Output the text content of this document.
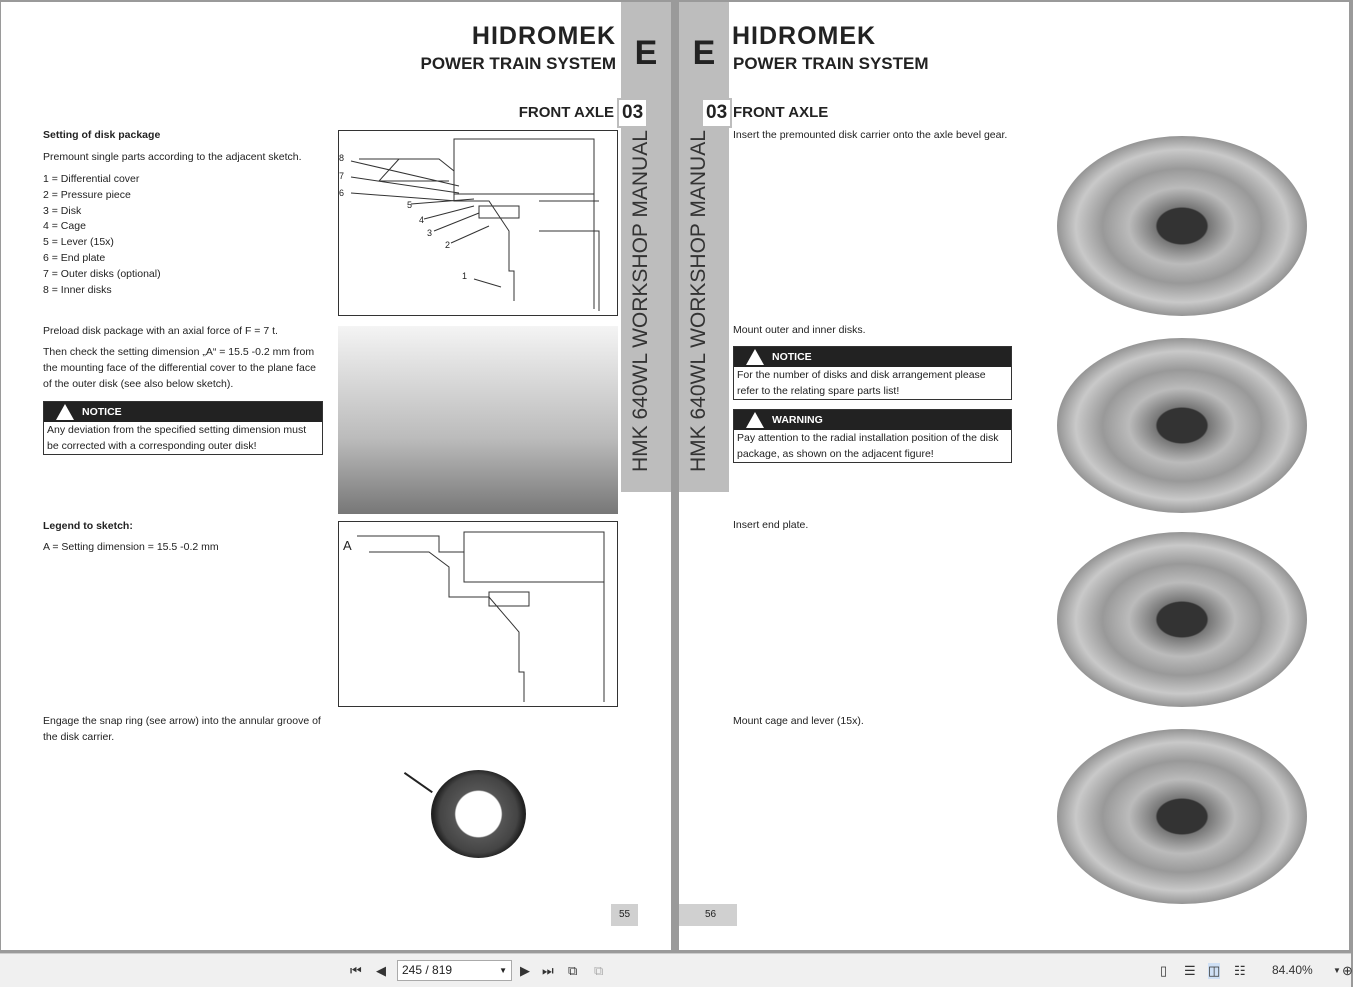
HIDROMEK
POWER TRAIN SYSTEM
FRONT AXLE
E
HMK 640WL WORKSHOP MANUAL
03
Setting of disk package
Premount single parts according to the adjacent sketch.
1 = Differential cover
2 = Pressure piece
3 = Disk
4 = Cage
5 = Lever (15x)
6 = End plate
7 = Outer disks (optional)
8 = Inner disks
Preload disk package with an axial force of F = 7 t.
Then check the setting dimension „A“ = 15.5 -0.2 mm from the mounting face of the differential cover to the plane face of the outer disk (see also below sketch).
NOTICE
Any deviation from the specified setting dimension must be corrected with a corresponding outer disk!
Legend to sketch:
A = Setting dimension = 15.5 -0.2 mm
Engage the snap ring (see arrow) into the annular groove of the disk carrier.
8
7
6
5
4
3
2
1
A
55
E
HMK 640WL WORKSHOP MANUAL
03
HIDROMEK
POWER TRAIN SYSTEM
FRONT AXLE
Insert the premounted disk carrier onto the axle bevel gear.
Mount outer and inner disks.
NOTICE
For the number of disks and disk arrangement please refer to the relating spare parts list!
WARNING
Pay attention to the radial installation position of the disk package, as shown on the adjacent figure!
Insert end plate.
Mount cage and lever (15x).
56
⏮ ◀	245 / 819	▼ ▶ ⏭ ⧉ ⧉	▯ ☰ ◫ ☷ 84.40%	▼ ⊕
